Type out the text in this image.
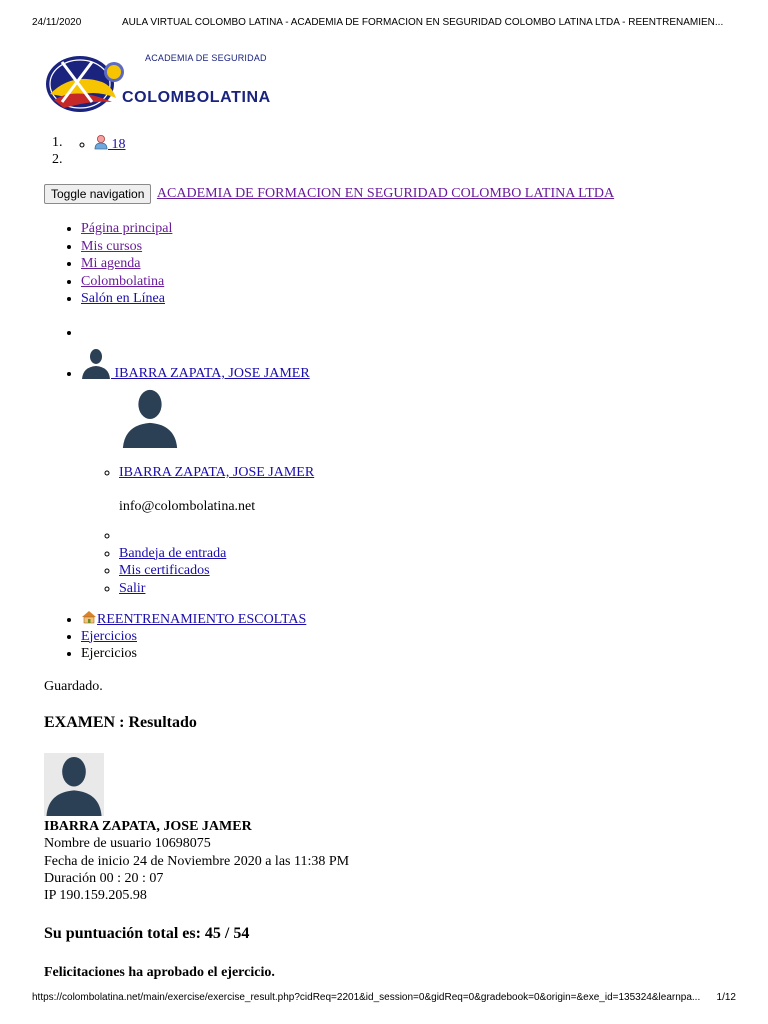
24/11/2020	AULA VIRTUAL COLOMBO LATINA - ACADEMIA DE FORMACION EN SEGURIDAD COLOMBO LATINA LTDA - REENTRENAMIEN...
ACADEMIA DE SEGURIDAD
COLOMBOLATINA
◦ 1.  18
2.
Toggle navigation ACADEMIA DE FORMACION EN SEGURIDAD COLOMBO LATINA LTDA
• Página principal
• Mis cursos
• Mi agenda
• Colombolatina
• Salón en Línea
•
•  IBARRA ZAPATA, JOSE JAMER
◦ IBARRA ZAPATA, JOSE JAMER
info@colombolatina.net
◦
◦ Bandeja de entrada
◦ Mis certificados
◦ Salir
• REENTRENAMIENTO ESCOLTAS
• Ejercicios
• Ejercicios
Guardado.
EXAMEN : Resultado
IBARRA ZAPATA, JOSE JAMER
Nombre de usuario 10698075
Fecha de inicio 24 de Noviembre 2020 a las 11:38 PM
Duración 00 : 20 : 07
IP 190.159.205.98
Su puntuación total es: 45 / 54

Felicitaciones ha aprobado el ejercicio.

https://colombolatina.net/main/exercise/exercise_result.php?cidReq=2201&id_session=0&gidReq=0&gradebook=0&origin=&exe_id=135324&learnpa...	1/12
